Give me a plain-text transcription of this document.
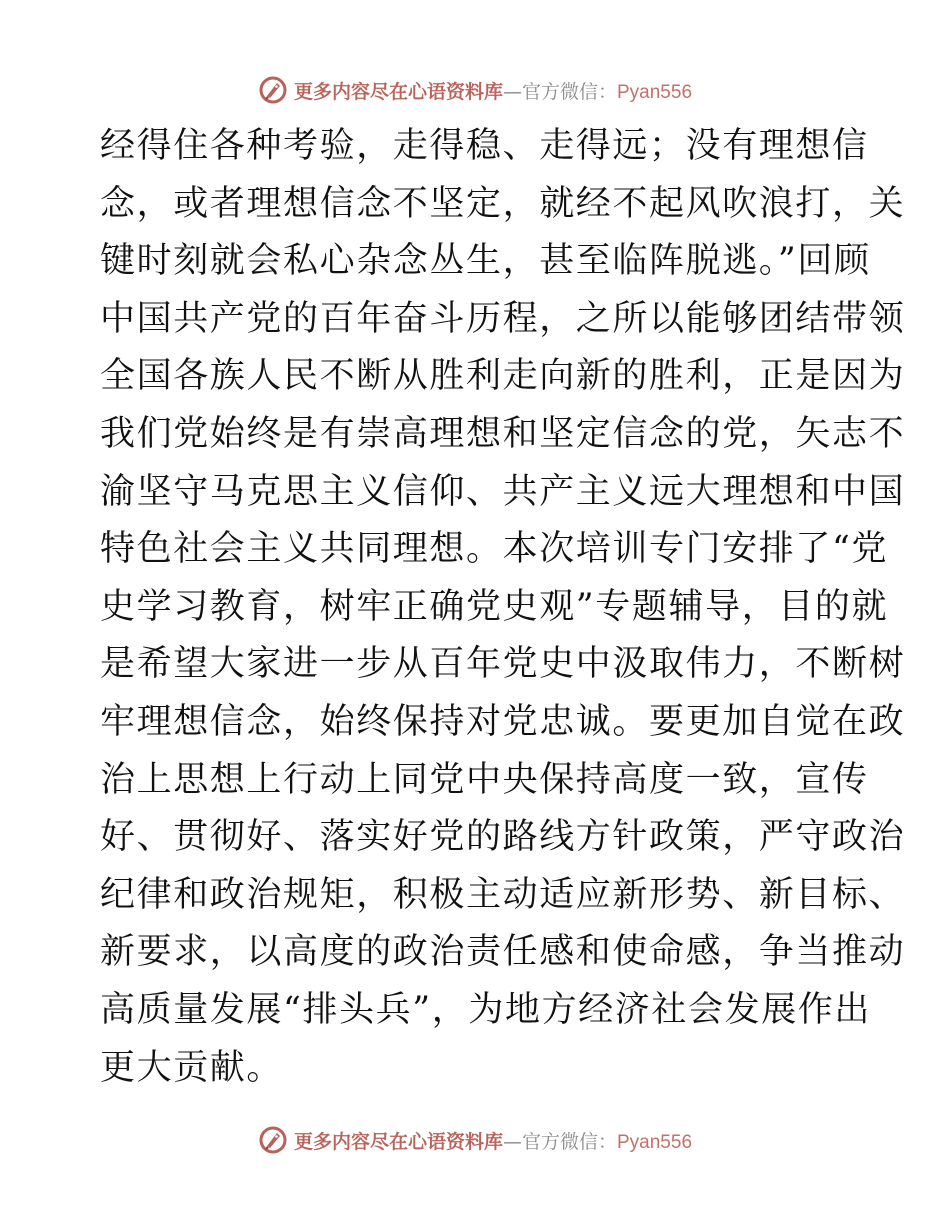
更多内容尽在心语资料库—官方微信：Pyan556
经得住各种考验，走得稳、走得远；没有理想信
念，或者理想信念不坚定，就经不起风吹浪打，关
键时刻就会私心杂念丛生，甚至临阵脱逃。”回顾
中国共产党的百年奋斗历程，之所以能够团结带领
全国各族人民不断从胜利走向新的胜利，正是因为
我们党始终是有崇高理想和坚定信念的党，矢志不
渝坚守马克思主义信仰、共产主义远大理想和中国
特色社会主义共同理想。本次培训专门安排了“党
史学习教育，树牢正确党史观”专题辅导，目的就
是希望大家进一步从百年党史中汲取伟力，不断树
牢理想信念，始终保持对党忠诚。要更加自觉在政
治上思想上行动上同党中央保持高度一致，宣传
好、贯彻好、落实好党的路线方针政策，严守政治
纪律和政治规矩，积极主动适应新形势、新目标、
新要求，以高度的政治责任感和使命感，争当推动
高质量发展“排头兵”，为地方经济社会发展作出
更大贡献。
更多内容尽在心语资料库—官方微信：Pyan556
